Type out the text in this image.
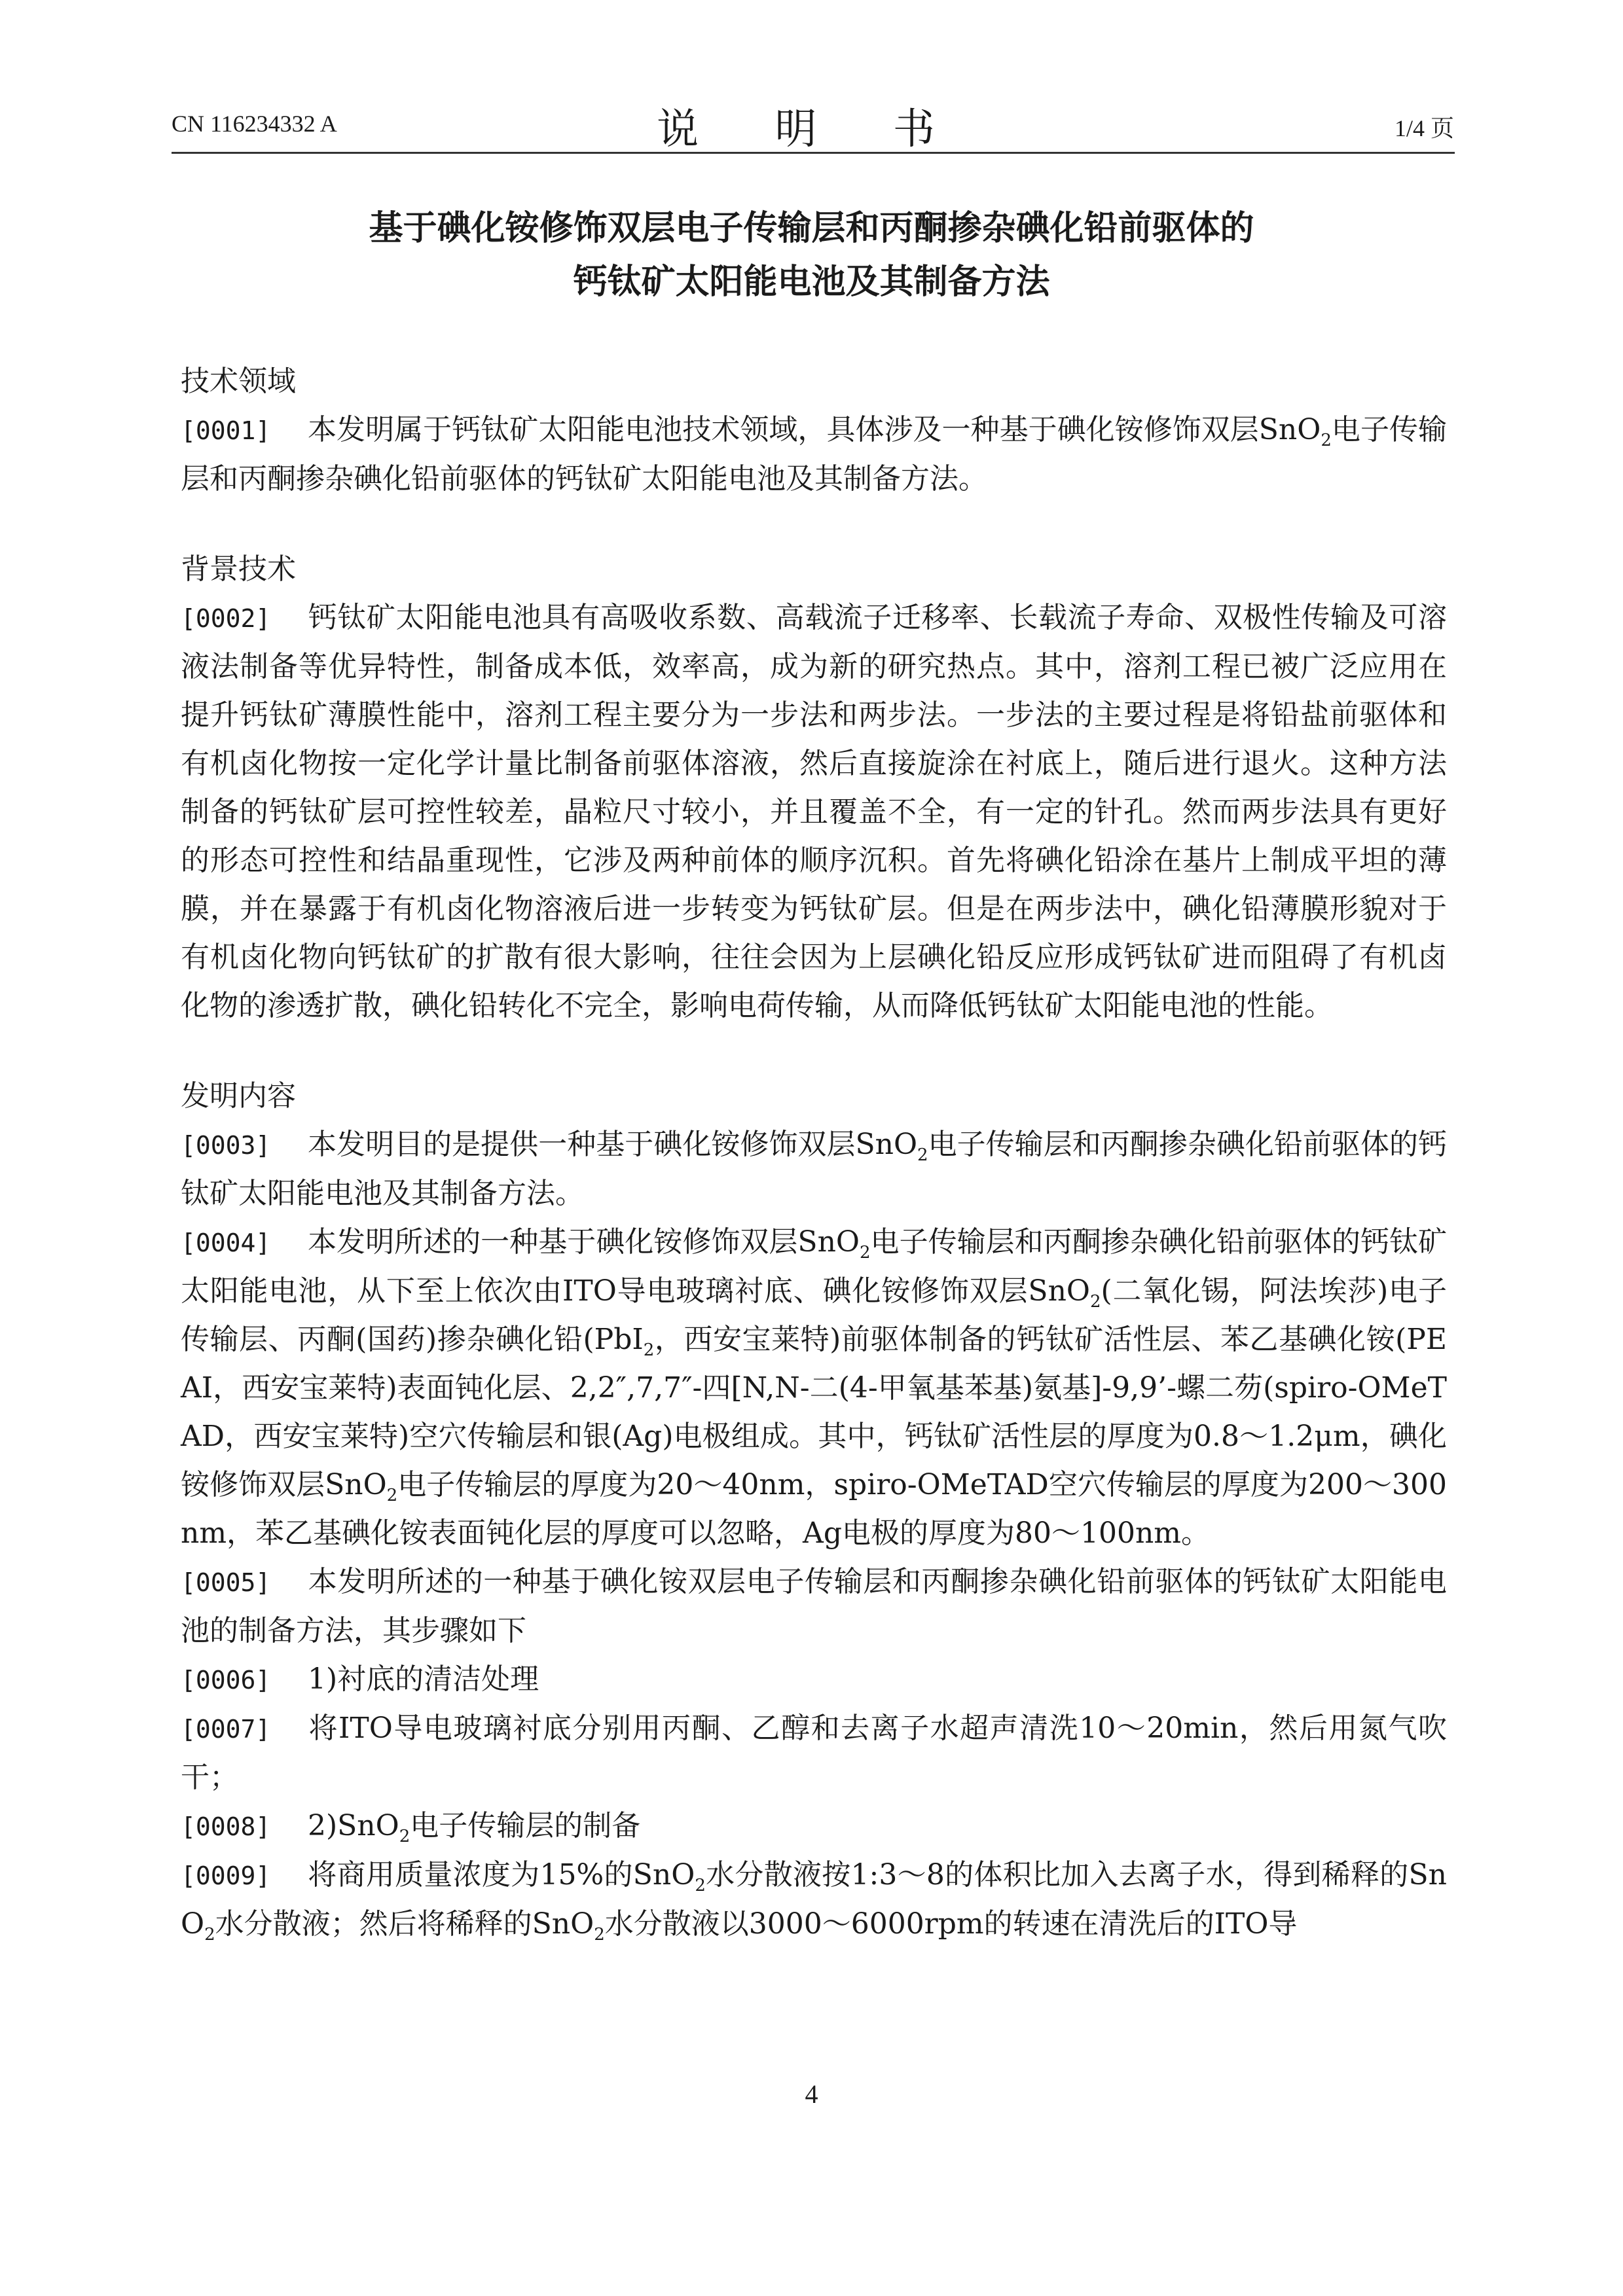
CN 116234332 A	说 明 书	1/4 页
基于碘化铵修饰双层电子传输层和丙酮掺杂碘化铅前驱体的
钙钛矿太阳能电池及其制备方法
技术领域
[0001] 本发明属于钙钛矿太阳能电池技术领域，具体涉及一种基于碘化铵修饰双层SnO$_2$电子传输层和丙酮掺杂碘化铅前驱体的钙钛矿太阳能电池及其制备方法。
背景技术
[0002] 钙钛矿太阳能电池具有高吸收系数、高载流子迁移率、长载流子寿命、双极性传输及可溶液法制备等优异特性，制备成本低，效率高，成为新的研究热点。其中，溶剂工程已被广泛应用在提升钙钛矿薄膜性能中，溶剂工程主要分为一步法和两步法。一步法的主要过程是将铅盐前驱体和有机卤化物按一定化学计量比制备前驱体溶液，然后直接旋涂在衬底上，随后进行退火。这种方法制备的钙钛矿层可控性较差，晶粒尺寸较小，并且覆盖不全，有一定的针孔。然而两步法具有更好的形态可控性和结晶重现性，它涉及两种前体的顺序沉积。首先将碘化铅涂在基片上制成平坦的薄膜，并在暴露于有机卤化物溶液后进一步转变为钙钛矿层。但是在两步法中，碘化铅薄膜形貌对于有机卤化物向钙钛矿的扩散有很大影响，往往会因为上层碘化铅反应形成钙钛矿进而阻碍了有机卤化物的渗透扩散，碘化铅转化不完全，影响电荷传输，从而降低钙钛矿太阳能电池的性能。
发明内容
[0003] 本发明目的是提供一种基于碘化铵修饰双层SnO$_2$电子传输层和丙酮掺杂碘化铅前驱体的钙钛矿太阳能电池及其制备方法。
[0004] 本发明所述的一种基于碘化铵修饰双层SnO$_2$电子传输层和丙酮掺杂碘化铅前驱体的钙钛矿太阳能电池，从下至上依次由ITO导电玻璃衬底、碘化铵修饰双层SnO$_2$(二氧化锡，阿法埃莎)电子传输层、丙酮(国药)掺杂碘化铅(PbI$_2$，西安宝莱特)前驱体制备的钙钛矿活性层、苯乙基碘化铵(PEAI，西安宝莱特)表面钝化层、2,2″,7,7″-四[N,N-二(4-甲氧基苯基)氨基]-9,9’-螺二芴(spiro-OMeTAD，西安宝莱特)空穴传输层和银(Ag)电极组成。其中，钙钛矿活性层的厚度为0.8～1.2μm，碘化铵修饰双层SnO$_2$电子传输层的厚度为20～40nm，spiro-OMeTAD空穴传输层的厚度为200～300nm，苯乙基碘化铵表面钝化层的厚度可以忽略，Ag电极的厚度为80～100nm。
[0005] 本发明所述的一种基于碘化铵双层电子传输层和丙酮掺杂碘化铅前驱体的钙钛矿太阳能电池的制备方法，其步骤如下
[0006] 1)衬底的清洁处理
[0007] 将ITO导电玻璃衬底分别用丙酮、乙醇和去离子水超声清洗10～20min，然后用氮气吹干；
[0008] 2)SnO$_2$电子传输层的制备
[0009] 将商用质量浓度为15%的SnO$_2$水分散液按1:3～8的体积比加入去离子水，得到稀释的SnO$_2$水分散液；然后将稀释的SnO$_2$水分散液以3000～6000rpm的转速在清洗后的ITO导
4
